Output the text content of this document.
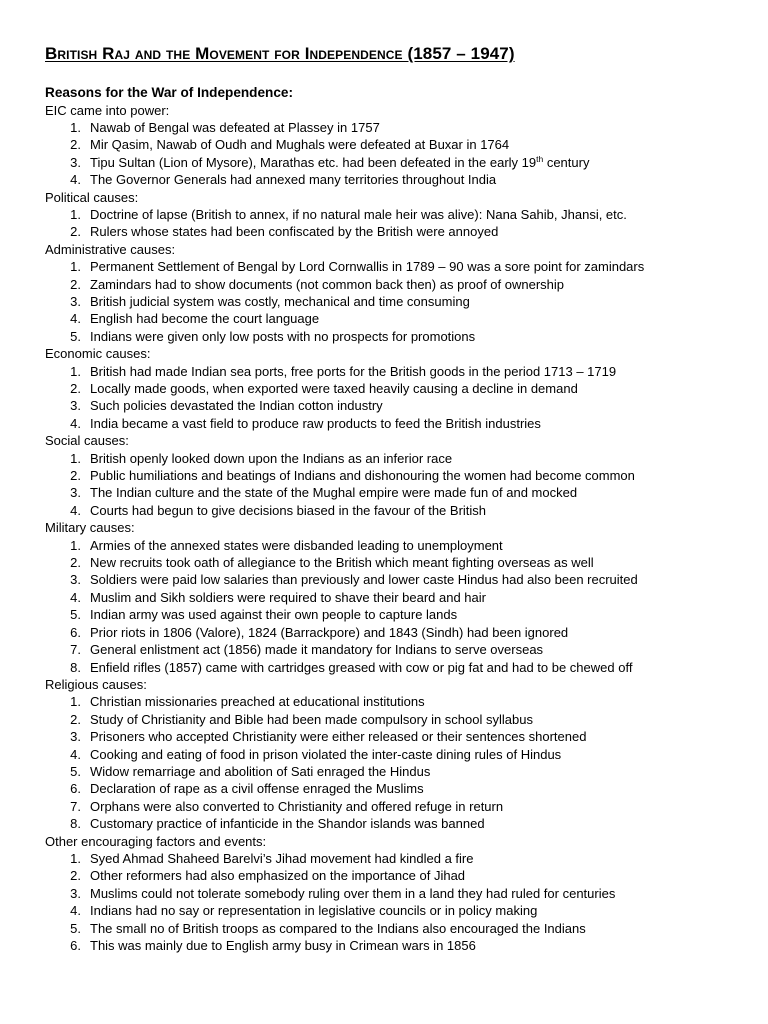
British Raj and the Movement for Independence (1857 – 1947)
Reasons for the War of Independence:
EIC came into power:
1. Nawab of Bengal was defeated at Plassey in 1757
2. Mir Qasim, Nawab of Oudh and Mughals were defeated at Buxar in 1764
3. Tipu Sultan (Lion of Mysore), Marathas etc. had been defeated in the early 19th century
4. The Governor Generals had annexed many territories throughout India
Political causes:
1. Doctrine of lapse (British to annex, if no natural male heir was alive): Nana Sahib, Jhansi, etc.
2. Rulers whose states had been confiscated by the British were annoyed
Administrative causes:
1. Permanent Settlement of Bengal by Lord Cornwallis in 1789 – 90 was a sore point for zamindars
2. Zamindars had to show documents (not common back then) as proof of ownership
3. British judicial system was costly, mechanical and time consuming
4. English had become the court language
5. Indians were given only low posts with no prospects for promotions
Economic causes:
1. British had made Indian sea ports, free ports for the British goods in the period 1713 – 1719
2. Locally made goods, when exported were taxed heavily causing a decline in demand
3. Such policies devastated the Indian cotton industry
4. India became a vast field to produce raw products to feed the British industries
Social causes:
1. British openly looked down upon the Indians as an inferior race
2. Public humiliations and beatings of Indians and dishonouring the women had become common
3. The Indian culture and the state of the Mughal empire were made fun of and mocked
4. Courts had begun to give decisions biased in the favour of the British
Military causes:
1. Armies of the annexed states were disbanded leading to unemployment
2. New recruits took oath of allegiance to the British which meant fighting overseas as well
3. Soldiers were paid low salaries than previously and lower caste Hindus had also been recruited
4. Muslim and Sikh soldiers were required to shave their beard and hair
5. Indian army was used against their own people to capture lands
6. Prior riots in 1806 (Valore), 1824 (Barrackpore) and 1843 (Sindh) had been ignored
7. General enlistment act (1856) made it mandatory for Indians to serve overseas
8. Enfield rifles (1857) came with cartridges greased with cow or pig fat and had to be chewed off
Religious causes:
1. Christian missionaries preached at educational institutions
2. Study of Christianity and Bible had been made compulsory in school syllabus
3. Prisoners who accepted Christianity were either released or their sentences shortened
4. Cooking and eating of food in prison violated the inter-caste dining rules of Hindus
5. Widow remarriage and abolition of Sati enraged the Hindus
6. Declaration of rape as a civil offense enraged the Muslims
7. Orphans were also converted to Christianity and offered refuge in return
8. Customary practice of infanticide in the Shandor islands was banned
Other encouraging factors and events:
1. Syed Ahmad Shaheed Barelvi’s Jihad movement had kindled a fire
2. Other reformers had also emphasized on the importance of Jihad
3. Muslims could not tolerate somebody ruling over them in a land they had ruled for centuries
4. Indians had no say or representation in legislative councils or in policy making
5. The small no of British troops as compared to the Indians also encouraged the Indians
6. This was mainly due to English army busy in Crimean wars in 1856
